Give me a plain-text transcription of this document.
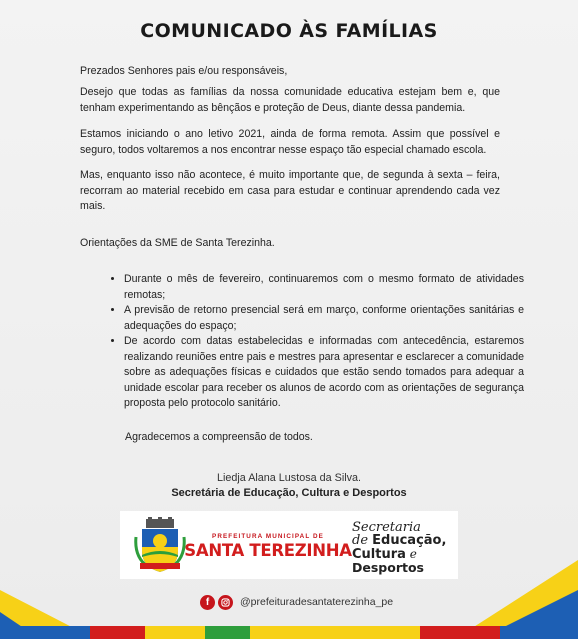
COMUNICADO ÀS FAMÍLIAS
Prezados Senhores pais e/ou responsáveis,
Desejo que todas as famílias da nossa comunidade educativa estejam bem e, que tenham experimentando as bênçãos e proteção de Deus, diante dessa pandemia.
Estamos iniciando o ano letivo 2021, ainda de forma remota. Assim que possível e seguro, todos voltaremos a nos encontrar nesse espaço tão especial chamado escola.
Mas, enquanto isso não acontece, é muito importante que, de segunda à sexta – feira, recorram ao material recebido em casa para estudar e continuar aprendendo cada vez mais.
Orientações da SME de Santa Terezinha.
• Durante o mês de fevereiro, continuaremos com o mesmo formato de atividades remotas;
• A previsão de retorno presencial será em março, conforme orientações sanitárias e adequações do espaço;
• De acordo com datas estabelecidas e informadas com antecedência, estaremos realizando reuniões entre pais e mestres para apresentar e esclarecer a comunidade sobre as adequações físicas e cuidados que estão sendo tomados para adequar a unidade escolar para receber os alunos de acordo com as orientações de segurança proposta pelo protocolo sanitário.
Agradecemos a compreensão de todos.
Liedja Alana Lustosa da Silva.
Secretária de Educação, Cultura e Desportos
PREFEITURA MUNICIPAL DE
SANTA TEREZINHA
Secretaria
de Educação,
Cultura e
Desportos
f	@prefeituradesantaterezinha_pe
